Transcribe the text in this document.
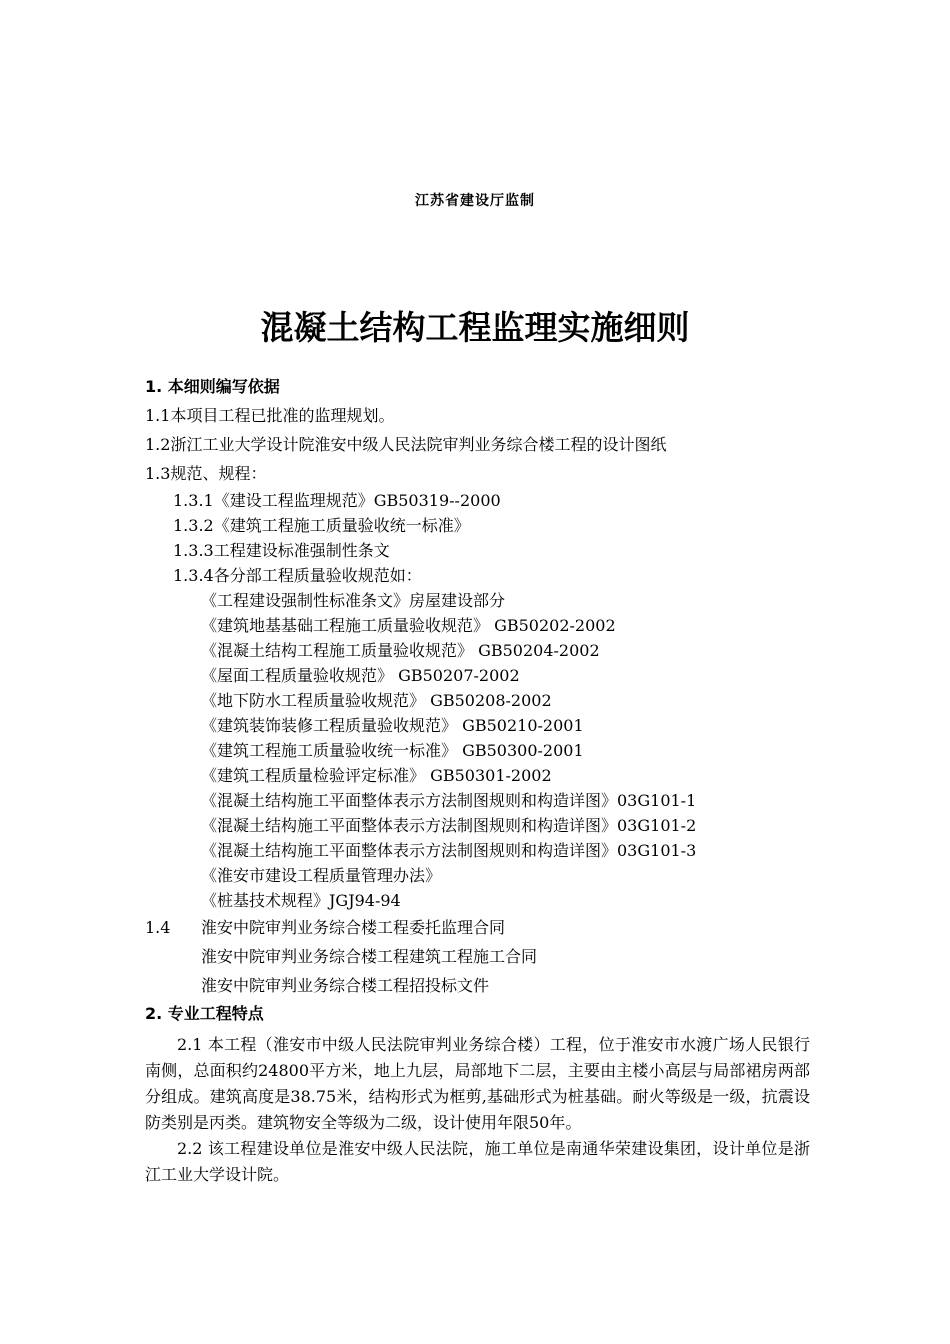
江苏省建设厅监制
混凝土结构工程监理实施细则
1. 本细则编写依据
1.1本项目工程已批准的监理规划。
1.2浙江工业大学设计院淮安中级人民法院审判业务综合楼工程的设计图纸
1.3规范、规程：
1.3.1《建设工程监理规范》GB50319--2000
1.3.2《建筑工程施工质量验收统一标准》
1.3.3工程建设标准强制性条文
1.3.4各分部工程质量验收规范如：
《工程建设强制性标准条文》房屋建设部分
《建筑地基基础工程施工质量验收规范》 GB50202-2002
《混凝土结构工程施工质量验收规范》 GB50204-2002
《屋面工程质量验收规范》 GB50207-2002
《地下防水工程质量验收规范》 GB50208-2002
《建筑装饰装修工程质量验收规范》 GB50210-2001
《建筑工程施工质量验收统一标准》 GB50300-2001
《建筑工程质量检验评定标准》 GB50301-2002
《混凝土结构施工平面整体表示方法制图规则和构造详图》03G101-1
《混凝土结构施工平面整体表示方法制图规则和构造详图》03G101-2
《混凝土结构施工平面整体表示方法制图规则和构造详图》03G101-3
《淮安市建设工程质量管理办法》
《桩基技术规程》JGJ94-94
1.4 淮安中院审判业务综合楼工程委托监理合同
淮安中院审判业务综合楼工程建筑工程施工合同
淮安中院审判业务综合楼工程招投标文件
2. 专业工程特点

2.1 本工程（淮安市中级人民法院审判业务综合楼）工程，位于淮安市水渡广场人民银行南侧，总面积约24800平方米，地上九层，局部地下二层，主要由主楼小高层与局部裙房两部分组成。建筑高度是38.75米，结构形式为框剪,基础形式为桩基础。耐火等级是一级，抗震设防类别是丙类。建筑物安全等级为二级，设计使用年限50年。

2.2 该工程建设单位是淮安中级人民法院，施工单位是南通华荣建设集团，设计单位是浙江工业大学设计院。
